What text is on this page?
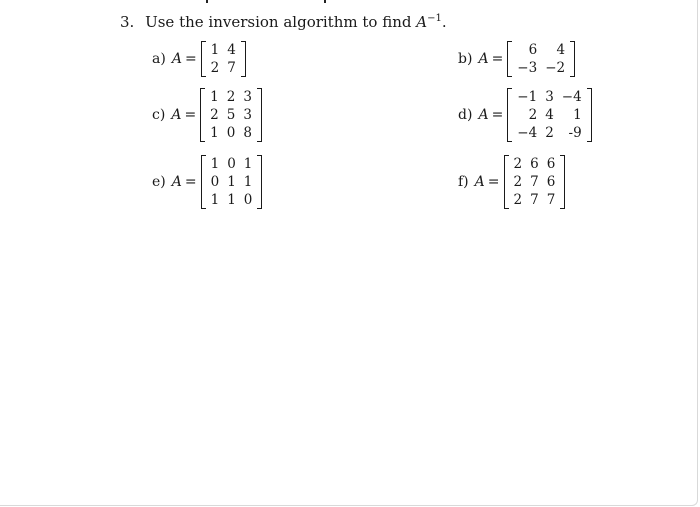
3. Use the inversion algorithm to find $A^{-1}$.
a) A =
1	4
2	7
b) A =
6	4
−3	−2
c) A =
1	2	3
2	5	3
1	0	8
d) A =
−1	3	−4
2	4	1
−4	2	-9
e) A =
1	0	1
0	1	1
1	1	0
f) A =
2	6	6
2	7	6
2	7	7
